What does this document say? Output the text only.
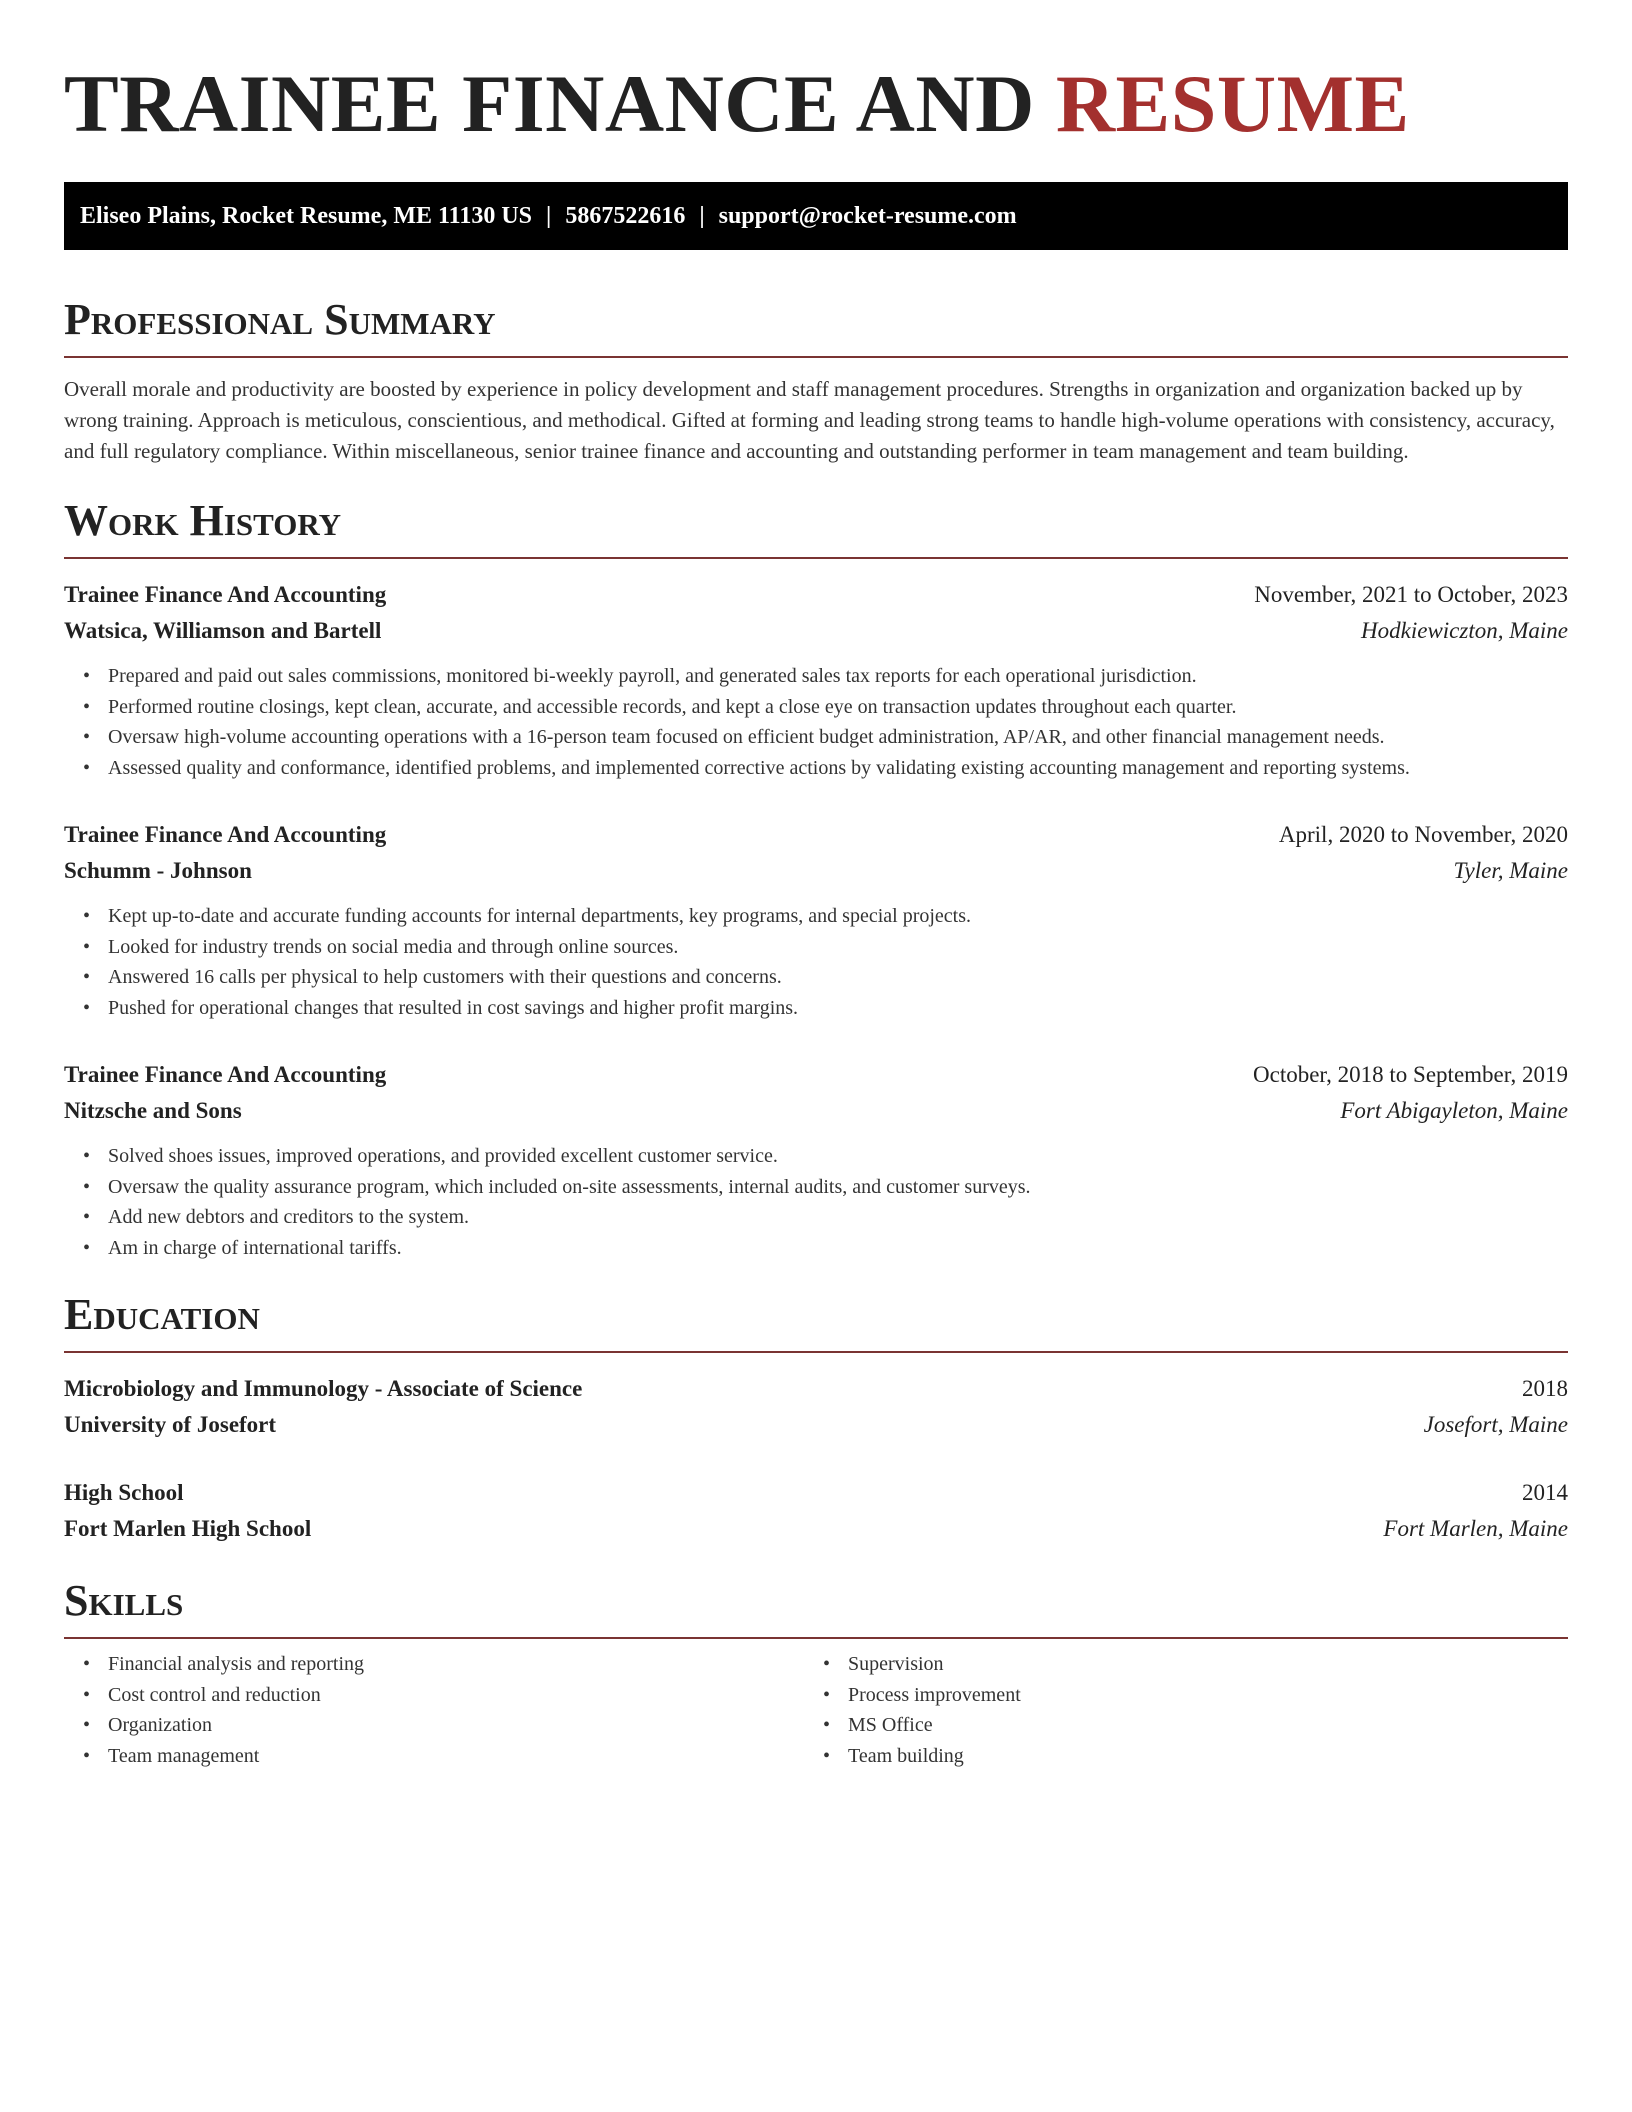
TRAINEE FINANCE AND RESUME
Eliseo Plains, Rocket Resume, ME 11130 US | 5867522616 | support@rocket-resume.com
Professional Summary

Overall morale and productivity are boosted by experience in policy development and staff management procedures. Strengths in organization and organization backed up by wrong training. Approach is meticulous, conscientious, and methodical. Gifted at forming and leading strong teams to handle high-volume operations with consistency, accuracy, and full regulatory compliance. Within miscellaneous, senior trainee finance and accounting and outstanding performer in team management and team building.

Work History
Trainee Finance And Accounting	November, 2021 to October, 2023
Watsica, Williamson and Bartell	Hodkiewiczton, Maine
• Prepared and paid out sales commissions, monitored bi-weekly payroll, and generated sales tax reports for each operational jurisdiction.
• Performed routine closings, kept clean, accurate, and accessible records, and kept a close eye on transaction updates throughout each quarter.
• Oversaw high-volume accounting operations with a 16-person team focused on efficient budget administration, AP/AR, and other financial management needs.
• Assessed quality and conformance, identified problems, and implemented corrective actions by validating existing accounting management and reporting systems.
Trainee Finance And Accounting	April, 2020 to November, 2020
Schumm - Johnson	Tyler, Maine
• Kept up-to-date and accurate funding accounts for internal departments, key programs, and special projects.
• Looked for industry trends on social media and through online sources.
• Answered 16 calls per physical to help customers with their questions and concerns.
• Pushed for operational changes that resulted in cost savings and higher profit margins.
Trainee Finance And Accounting	October, 2018 to September, 2019
Nitzsche and Sons	Fort Abigayleton, Maine
• Solved shoes issues, improved operations, and provided excellent customer service.
• Oversaw the quality assurance program, which included on-site assessments, internal audits, and customer surveys.
• Add new debtors and creditors to the system.
• Am in charge of international tariffs.
Education
Microbiology and Immunology - Associate of Science	2018
University of Josefort	Josefort, Maine
High School	2014
Fort Marlen High School	Fort Marlen, Maine
Skills
• Financial analysis and reporting
• Cost control and reduction
• Organization
• Team management
• Supervision
• Process improvement
• MS Office
• Team building
